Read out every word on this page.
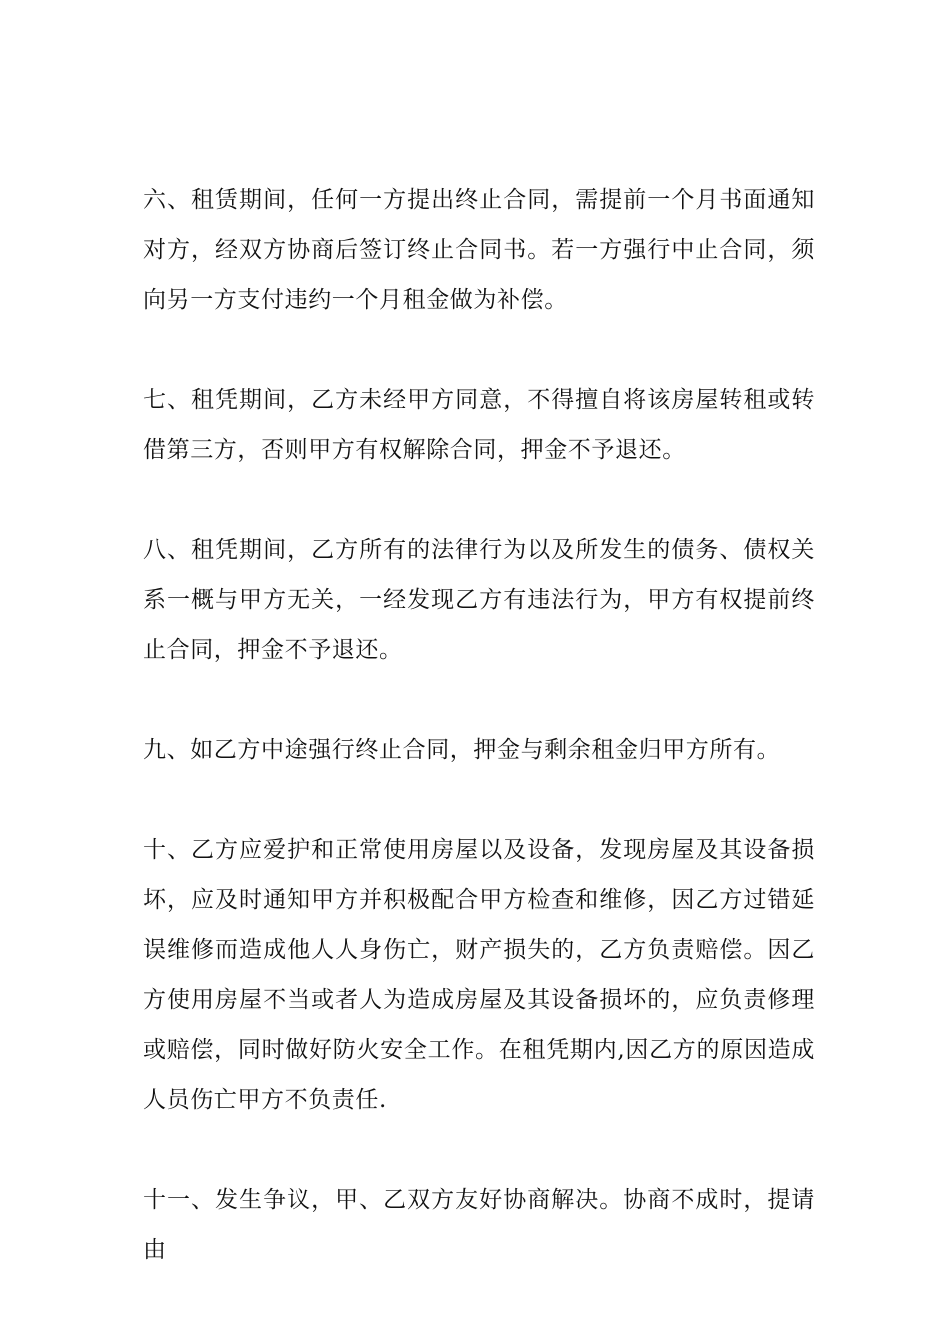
六、租赁期间，任何一方提出终止合同，需提前一个月书面通知对方，经双方协商后签订终止合同书。若一方强行中止合同，须向另一方支付违约一个月租金做为补偿。

七、租凭期间，乙方未经甲方同意，不得擅自将该房屋转租或转借第三方，否则甲方有权解除合同，押金不予退还。

八、租凭期间，乙方所有的法律行为以及所发生的债务、债权关系一概与甲方无关，一经发现乙方有违法行为，甲方有权提前终止合同，押金不予退还。

九、如乙方中途强行终止合同，押金与剩余租金归甲方所有。

十、乙方应爱护和正常使用房屋以及设备，发现房屋及其设备损坏，应及时通知甲方并积极配合甲方检查和维修，因乙方过错延误维修而造成他人人身伤亡，财产损失的，乙方负责赔偿。因乙方使用房屋不当或者人为造成房屋及其设备损坏的，应负责修理或赔偿，同时做好防火安全工作。在租凭期内,因乙方的原因造成人员伤亡甲方不负责任.

十一、发生争议，甲、乙双方友好协商解决。协商不成时，提请由
